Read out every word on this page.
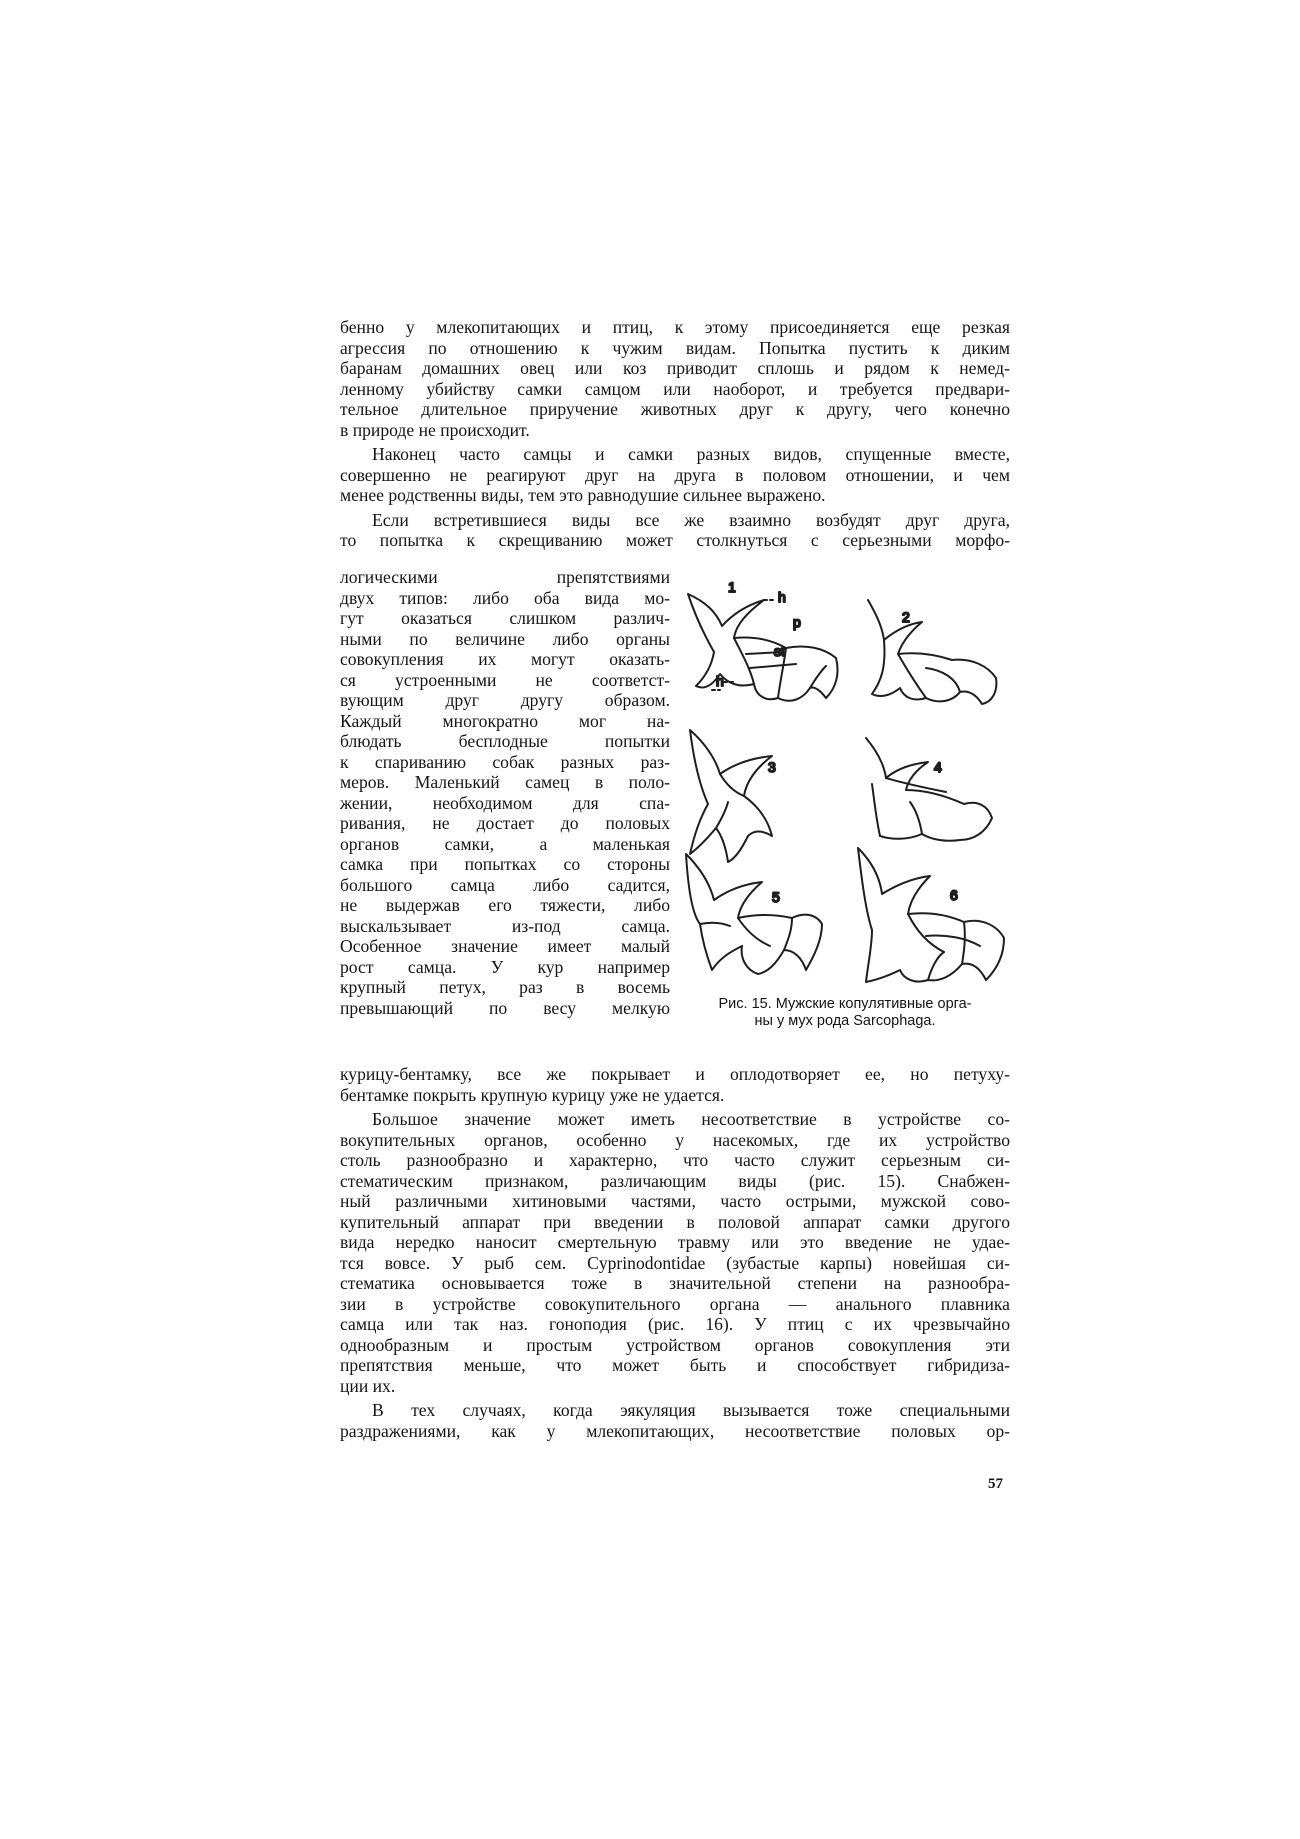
бенно у млекопитающих и птиц, к этому присоединяется еще резкая
агрессия по отношению к чужим видам. Попытка пустить к диким
баранам домашних овец или коз приводит сплошь и рядом к немед-
ленному убийству самки самцом или наоборот, и требуется предвари-
тельное длительное приручение животных друг к другу, чего конечно
в природе не происходит.
Наконец часто самцы и самки разных видов, спущенные вместе,
совершенно не реагируют друг на друга в половом отношении, и чем
менее родственны виды, тем это равнодушие сильнее выражено.
Если встретившиеся виды все же взаимно возбудят друг друга,
то попытка к скрещиванию может столкнуться с серьезными морфо-
логическими препятствиями
двух типов: либо оба вида мо-
гут оказаться слишком различ-
ными по величине либо органы
совокупления их могут оказать-
ся устроенными не соответст-
вующим друг другу образом.
Каждый многократно мог на-
блюдать бесплодные попытки
к спариванию собак разных раз-
меров. Маленький самец в поло-
жении, необходимом для спа-
ривания, не достает до половых
органов самки, а маленькая
самка при попытках со стороны
большого самца либо садится,
не выдержав его тяжести, либо
выскальзывает из-под самца.
Особенное значение имеет малый
рост самца. У кур например
крупный петух, раз в восемь
превышающий по весу мелкую
1
h
p
st
h
2
3	4
5	6
Рис. 15. Мужские копулятивные орга-
ны у мух рода Sarcophaga.
курицу-бентамку, все же покрывает и оплодотворяет ее, но петуху-
бентамке покрыть крупную курицу уже не удается.
Большое значение может иметь несоответствие в устройстве со-
вокупительных органов, особенно у насекомых, где их устройство
столь разнообразно и характерно, что часто служит серьезным си-
стематическим признаком, различающим виды (рис. 15). Снабжен-
ный различными хитиновыми частями, часто острыми, мужской сово-
купительный аппарат при введении в половой аппарат самки другого
вида нередко наносит смертельную травму или это введение не удае-
тся вовсе. У рыб сем. Cyprinodontidae (зубастые карпы) новейшая си-
стематика основывается тоже в значительной степени на разнообра-
зии в устройстве совокупительного органа — анального плавника
самца или так наз. гоноподия (рис. 16). У птиц с их чрезвычайно
однообразным и простым устройством органов совокупления эти
препятствия меньше, что может быть и способствует гибридиза-
ции их.
В тех случаях, когда эякуляция вызывается тоже специальными
раздражениями, как у млекопитающих, несоответствие половых ор-
57
